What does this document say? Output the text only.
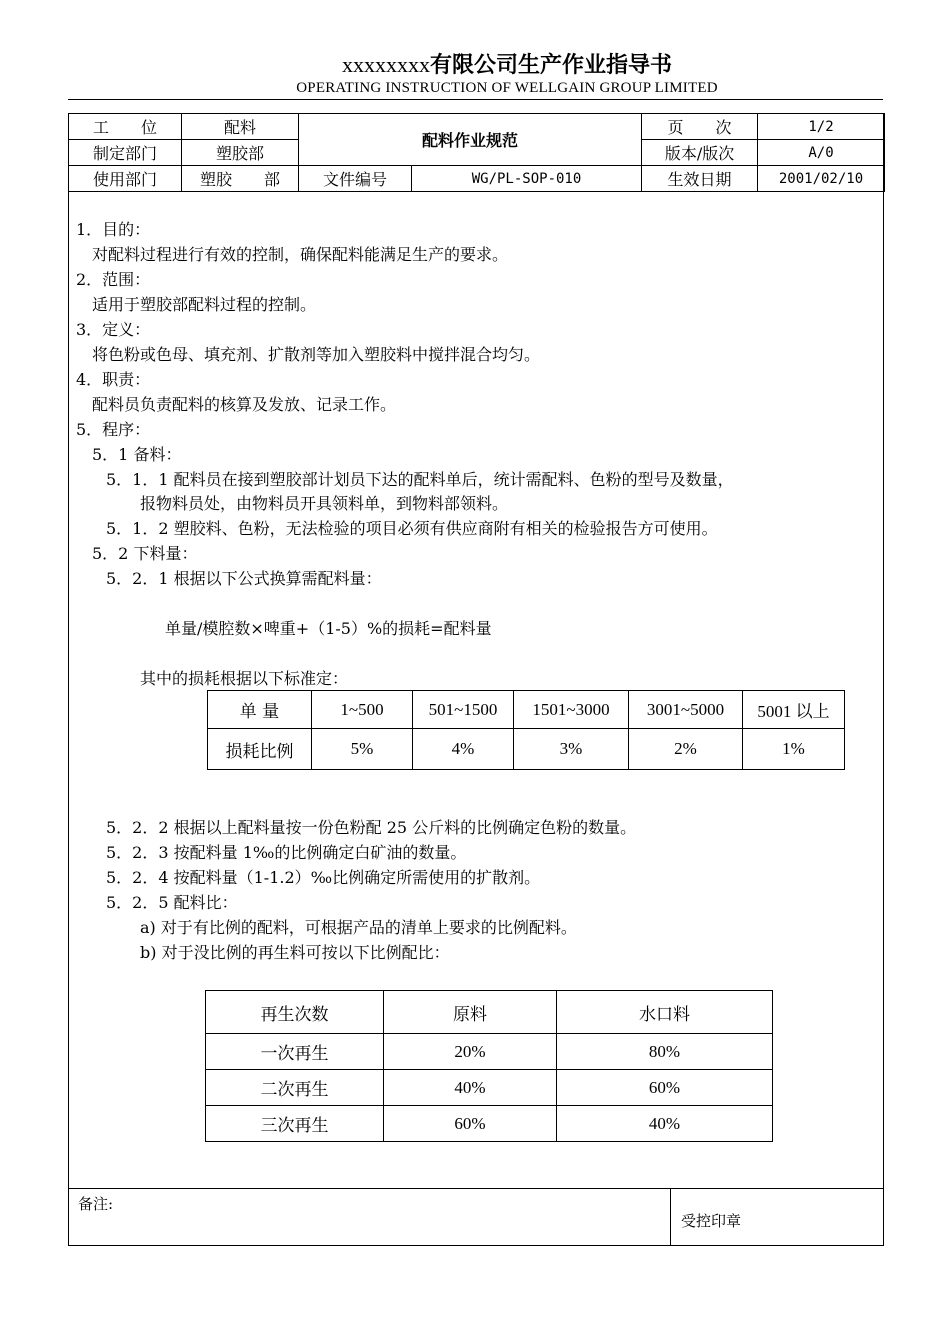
xxxxxxxx有限公司生产作业指导书
OPERATING INSTRUCTION OF WELLGAIN GROUP LIMITED
工　　位	配料	配料作业规范		页　　次	1/2
制定部门	塑胶部			版本/版次	A/0
使用部门	塑胶　　部	文件编号	WG/PL-SOP-010	生效日期	2001/02/10
1．目的：
对配料过程进行有效的控制，确保配料能满足生产的要求。
2．范围：
适用于塑胶部配料过程的控制。
3．定义：
将色粉或色母、填充剂、扩散剂等加入塑胶料中搅拌混合均匀。
4．职责：
配料员负责配料的核算及发放、记录工作。
5．程序：
5．1 备料：
5．1．1 配料员在接到塑胶部计划员下达的配料单后，统计需配料、色粉的型号及数量，
报物料员处，由物料员开具领料单，到物料部领料。
5．1．2 塑胶料、色粉，无法检验的项目必须有供应商附有相关的检验报告方可使用。
5．2 下料量：
5．2．1 根据以下公式换算需配料量：
单量/模腔数×啤重+（1-5）%的损耗=配料量
其中的损耗根据以下标准定：
单 量	1~500	501~1500	1501~3000	3001~5000	5001 以上
损耗比例	5%	4%	3%	2%	1%
5．2．2 根据以上配料量按一份色粉配 25 公斤料的比例确定色粉的数量。
5．2．3 按配料量 1‰的比例确定白矿油的数量。
5．2．4 按配料量（1-1.2）‰比例确定所需使用的扩散剂。
5．2．5 配料比：
a) 对于有比例的配料，可根据产品的清单上要求的比例配料。
b) 对于没比例的再生料可按以下比例配比：
再生次数	原料	水口料
一次再生	20%	80%
二次再生	40%	60%
三次再生	60%	40%
备注:
受控印章
